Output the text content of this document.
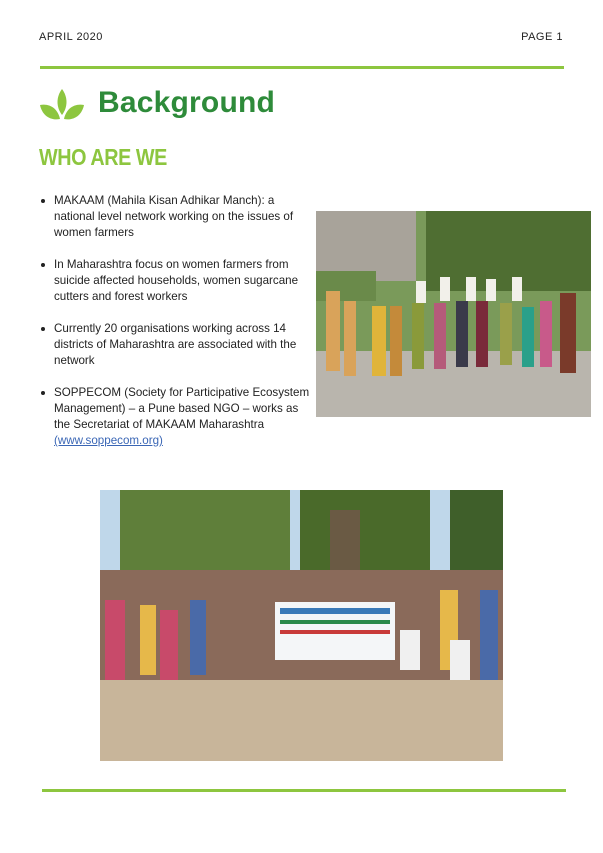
APRIL 2020	PAGE 1
Background
WHO ARE WE
MAKAAM (Mahila Kisan Adhikar Manch): a national level network working on the issues of women farmers
In Maharashtra focus on women farmers from suicide affected households, women sugarcane cutters and forest workers
Currently 20 organisations working across 14 districts of Maharashtra are associated with the network
SOPPECOM (Society for Participative Ecosystem Management) – a Pune based NGO – works as the Secretariat of MAKAAM Maharashtra
(www.soppecom.org)
